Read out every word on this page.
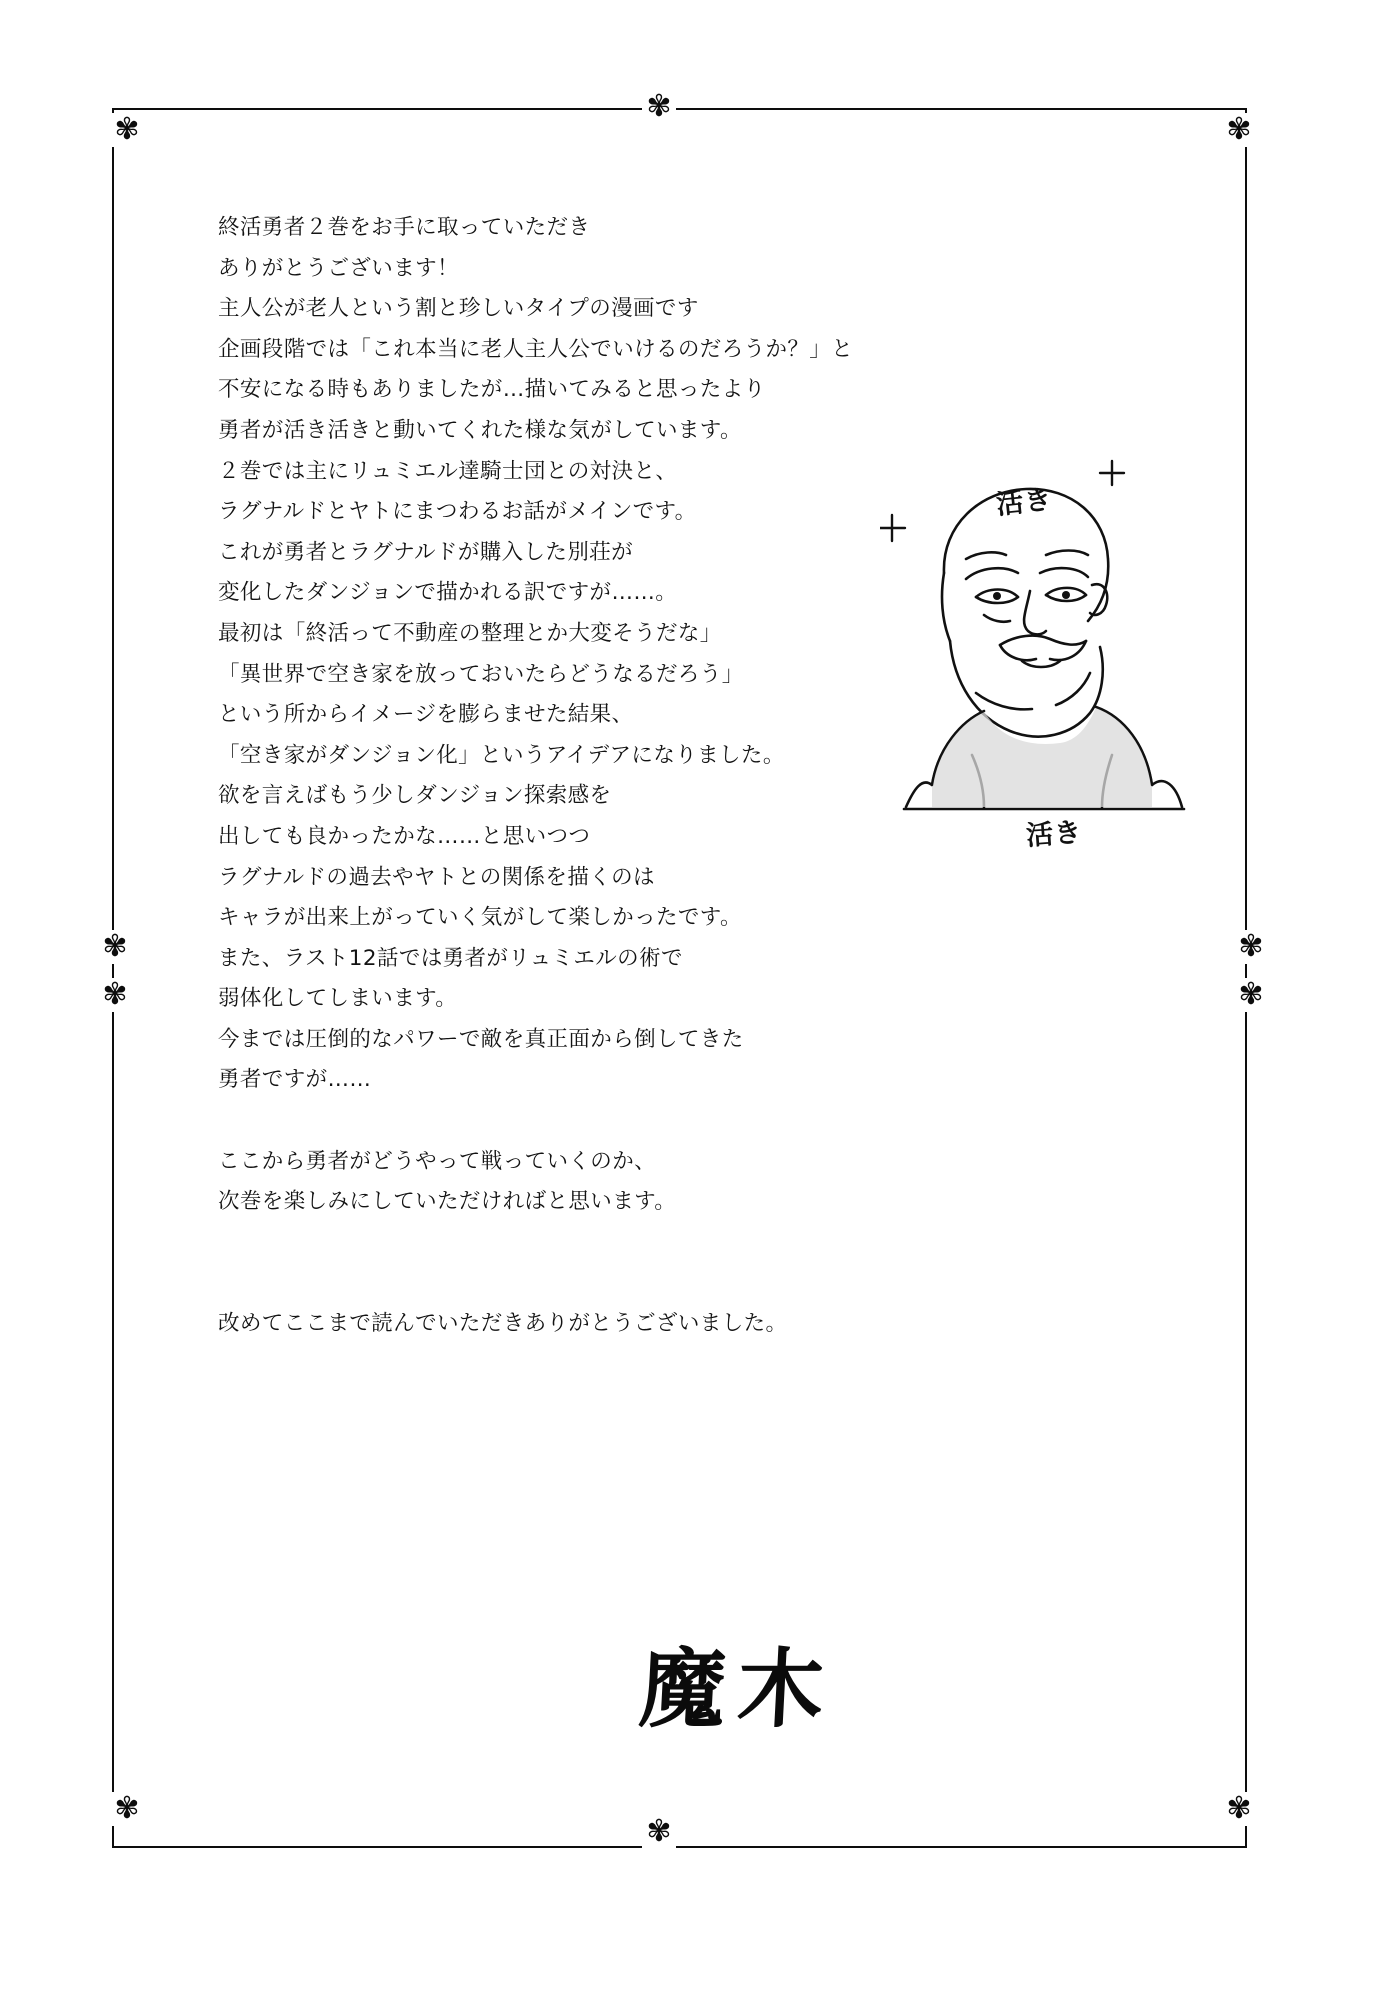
✾	✾
✾	✾
✾
✾
✾
✾
✾
✾

終活勇者２巻をお手に取っていただき

ありがとうございます！

主人公が老人という割と珍しいタイプの漫画です

企画段階では「これ本当に老人主人公でいけるのだろうか？」と

不安になる時もありましたが…描いてみると思ったより

勇者が活き活きと動いてくれた様な気がしています。

２巻では主にリュミエル達騎士団との対決と、

ラグナルドとヤトにまつわるお話がメインです。

これが勇者とラグナルドが購入した別荘が

変化したダンジョンで描かれる訳ですが……。

最初は「終活って不動産の整理とか大変そうだな」

「異世界で空き家を放っておいたらどうなるだろう」

という所からイメージを膨らませた結果、

「空き家がダンジョン化」というアイデアになりました。

欲を言えばもう少しダンジョン探索感を

出しても良かったかな……と思いつつ

ラグナルドの過去やヤトとの関係を描くのは

キャラが出来上がっていく気がして楽しかったです。

また、ラスト12話では勇者がリュミエルの術で

弱体化してしまいます。

今までは圧倒的なパワーで敵を真正面から倒してきた

勇者ですが……

ここから勇者がどうやって戦っていくのか、

次巻を楽しみにしていただければと思います。

改めてここまで読んでいただきありがとうございました。

活き
活き
魔木
